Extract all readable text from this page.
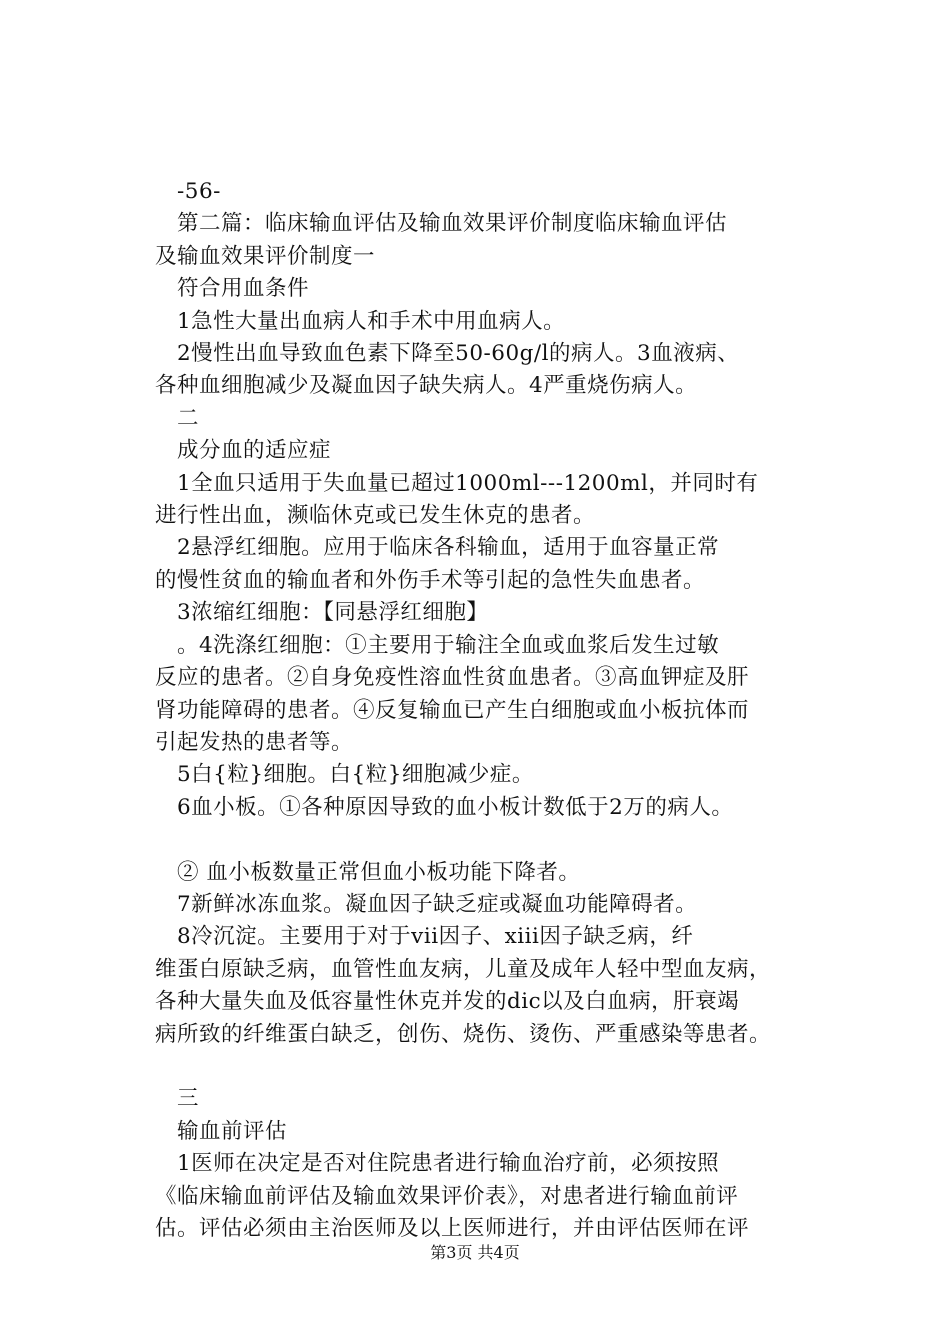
-56-
第二篇：临床输血评估及输血效果评价制度临床输血评估
及输血效果评价制度一
符合用血条件
1急性大量出血病人和手术中用血病人。
2慢性出血导致血色素下降至50-60g/l的病人。3血液病、
各种血细胞减少及凝血因子缺失病人。4严重烧伤病人。
二
成分血的适应症
1全血只适用于失血量已超过1000ml---1200ml，并同时有
进行性出血，濒临休克或已发生休克的患者。
2悬浮红细胞。应用于临床各科输血，适用于血容量正常
的慢性贫血的输血者和外伤手术等引起的急性失血患者。
3浓缩红细胞：【同悬浮红细胞】
。4洗涤红细胞：①主要用于输注全血或血浆后发生过敏
反应的患者。②自身免疫性溶血性贫血患者。③高血钾症及肝
肾功能障碍的患者。④反复输血已产生白细胞或血小板抗体而
引起发热的患者等。
5白{粒}细胞。白{粒}细胞减少症。
6血小板。①各种原因导致的血小板计数低于2万的病人。
② 血小板数量正常但血小板功能下降者。
7新鲜冰冻血浆。凝血因子缺乏症或凝血功能障碍者。
8冷沉淀。主要用于对于vii因子、xiii因子缺乏病，纤
维蛋白原缺乏病，血管性血友病，儿童及成年人轻中型血友病，
各种大量失血及低容量性休克并发的dic以及白血病，肝衰竭
病所致的纤维蛋白缺乏，创伤、烧伤、烫伤、严重感染等患者。
三
输血前评估
1医师在决定是否对住院患者进行输血治疗前，必须按照
《临床输血前评估及输血效果评价表》，对患者进行输血前评
估。评估必须由主治医师及以上医师进行，并由评估医师在评
第3页 共4页
